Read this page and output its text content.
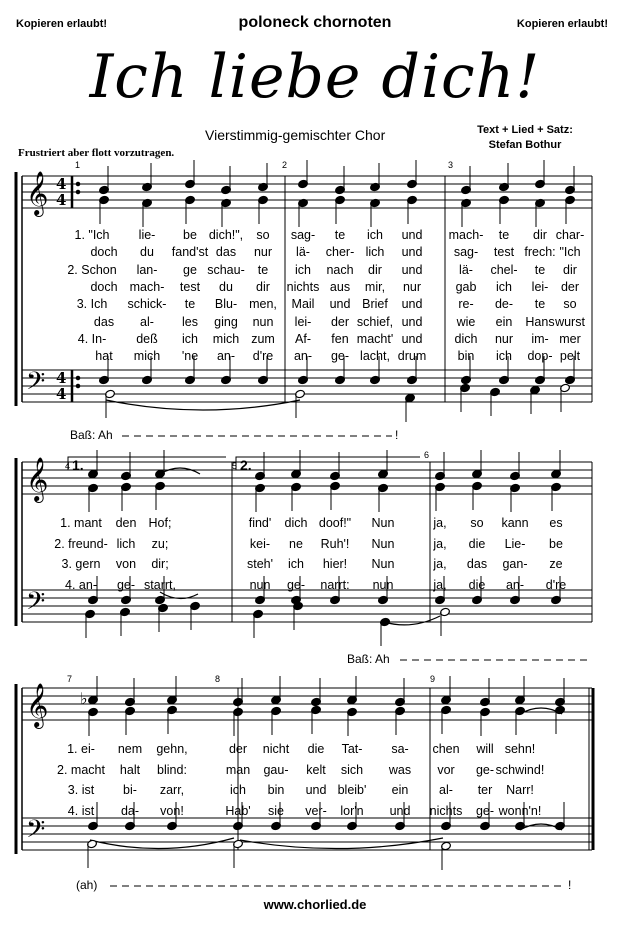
Kopieren erlaubt!	poloneck chornoten	Kopieren erlaubt!
Ich liebe dich!
Vierstimmig-gemischter Chor	Text + Lied + Satz:
Stefan Bothur
Frustriert aber flott vorzutragen.
𝄞
𝄢
𝄞
𝄢
𝄞
𝄢
4
4
4
4
♭
1	2	3
4	5
6
7	8	9
1.	2.
1. "Ich lie- be dich!", so sag- te ich und mach- te dir char-
doch du fand'st das nur lä- cher- lich und	sag- test frech: "Ich
2. Schon lan- ge schau- te ich nach dir und	lä- chel- te dir
doch mach- test du dir nichts aus mir, nur	gab ich lei- der
3. Ich schick- te Blu- men, Mail und Brief und	re- de- te so
das al- les ging nun lei- der schief, und	wie ein Hans wurst
4. In- deß ich mich zum Af- fen macht' und	dich nur im- mer
hat mich 'ne an- d're an- ge- lacht, drum	bin ich dop- pelt
1. mant den Hof;	find' dich doof!" Nun	ja, so kann es
2. freund- lich zu;	kei- ne Ruh'! Nun	ja, die Lie- be
3. gern von dir;	steh' ich hier! Nun	ja, das gan- ze
4. an- ge- starrt,	nun ge- narrt: nun	ja, die an- d're
1. ei- nem gehn,	der nicht die Tat- sa- chen will sehn!
2. macht halt blind:	man gau- kelt sich was vor ge- schwind!
3. ist bi- zarr,	ich bin und bleib' ein al- ter Narr!
4. ist da- von!	Hab' sie ver- lor'n und nichts ge- wonn'n!
Baß: Ah	!
Baß: Ah
(ah)	!
www.chorlied.de
